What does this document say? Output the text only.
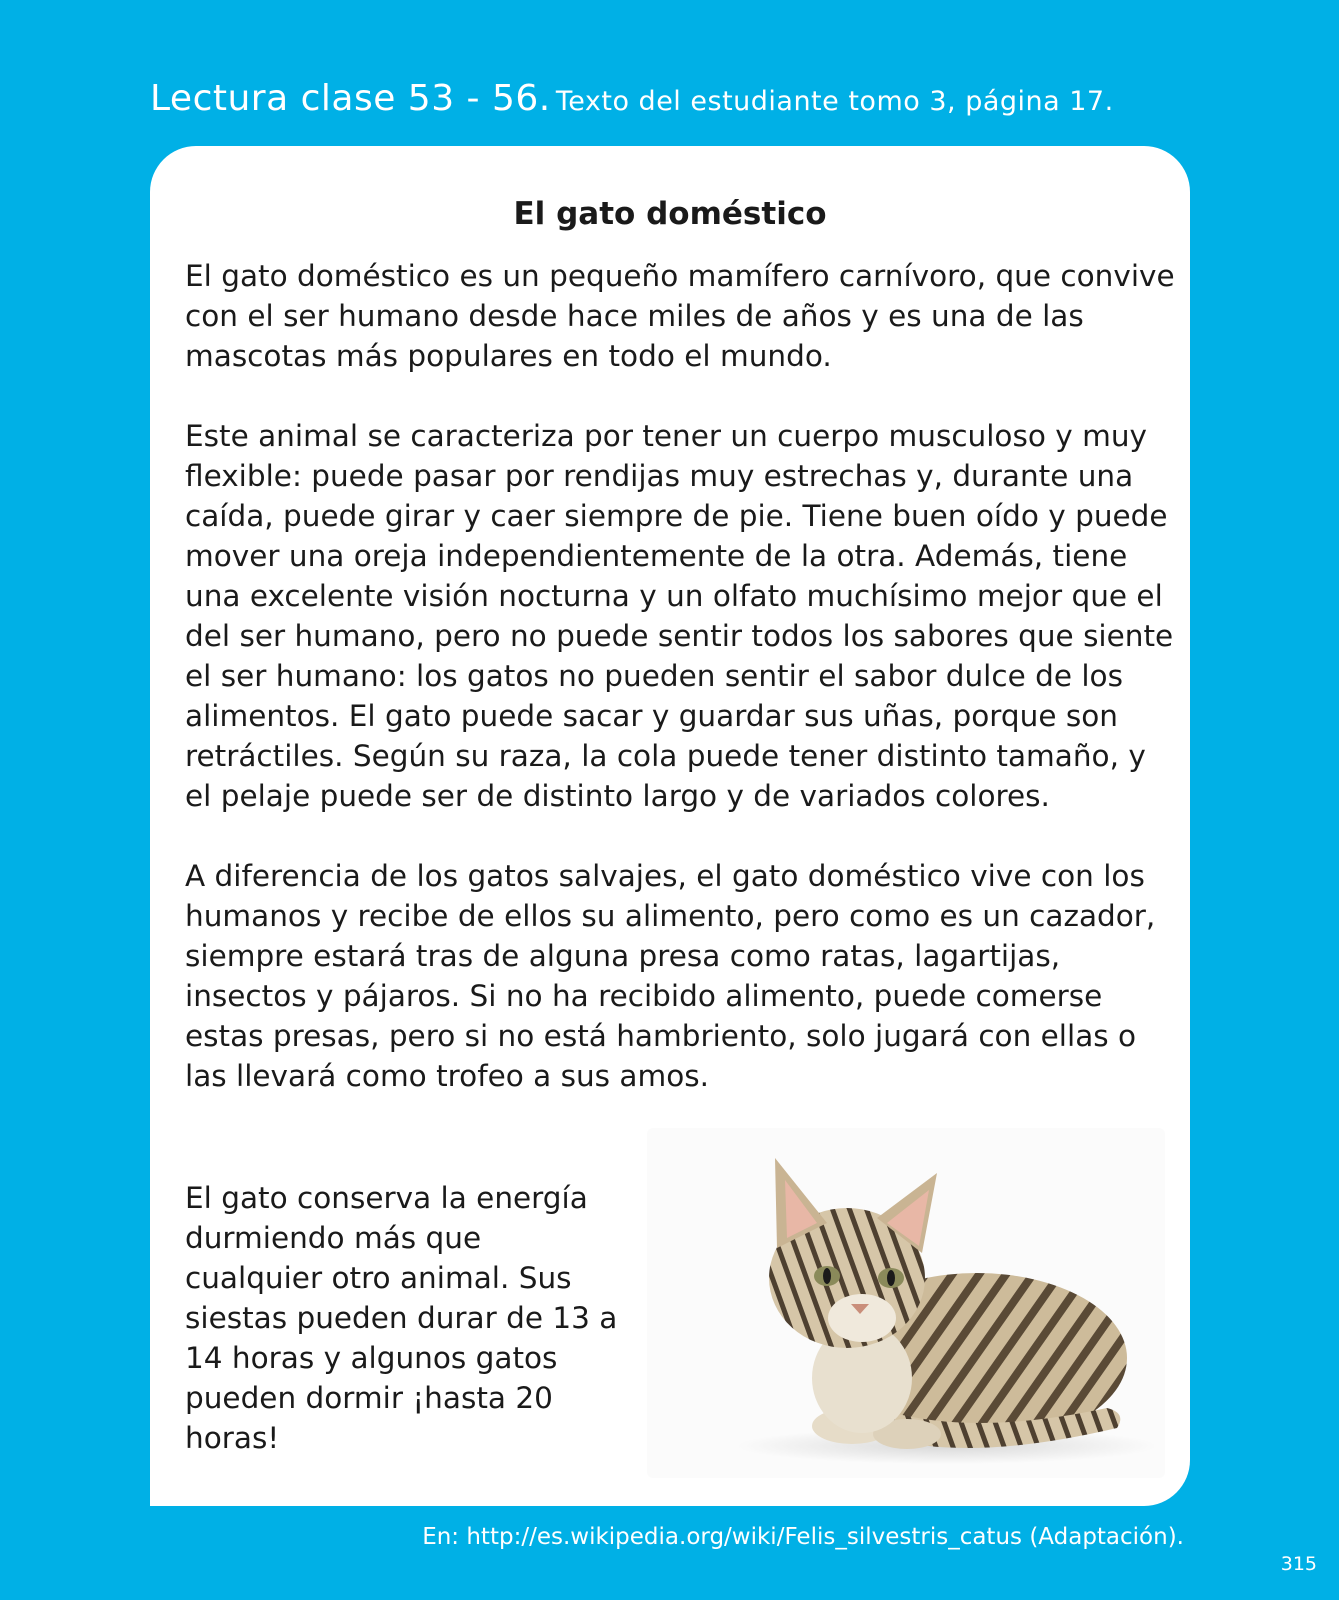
Lectura clase 53 - 56. Texto del estudiante tomo 3, página 17.
El gato doméstico

El gato doméstico es un pequeño mamífero carnívoro, que convive con el ser humano desde hace miles de años y es una de las mascotas más populares en todo el mundo.

Este animal se caracteriza por tener un cuerpo musculoso y muy flexible: puede pasar por rendijas muy estrechas y, durante una caída, puede girar y caer siempre de pie. Tiene buen oído y puede mover una oreja independientemente de la otra. Además, tiene una excelente visión nocturna y un olfato muchísimo mejor que el del ser humano, pero no puede sentir todos los sabores que siente el ser humano: los gatos no pueden sentir el sabor dulce de los alimentos. El gato puede sacar y guardar sus uñas, porque son retráctiles. Según su raza, la cola puede tener distinto tamaño, y el pelaje puede ser de distinto largo y de variados colores.

A diferencia de los gatos salvajes, el gato doméstico vive con los humanos y recibe de ellos su alimento, pero como es un cazador, siempre estará tras de alguna presa como ratas, lagartijas, insectos y pájaros. Si no ha recibido alimento, puede comerse estas presas, pero si no está hambriento, solo jugará con ellas o las llevará como trofeo a sus amos.

El gato conserva la energía durmiendo más que cualquier otro animal. Sus siestas pueden durar de 13 a 14 horas y algunos gatos pueden dormir ¡hasta 20 horas!
En: http://es.wikipedia.org/wiki/Felis_silvestris_catus (Adaptación).
315
